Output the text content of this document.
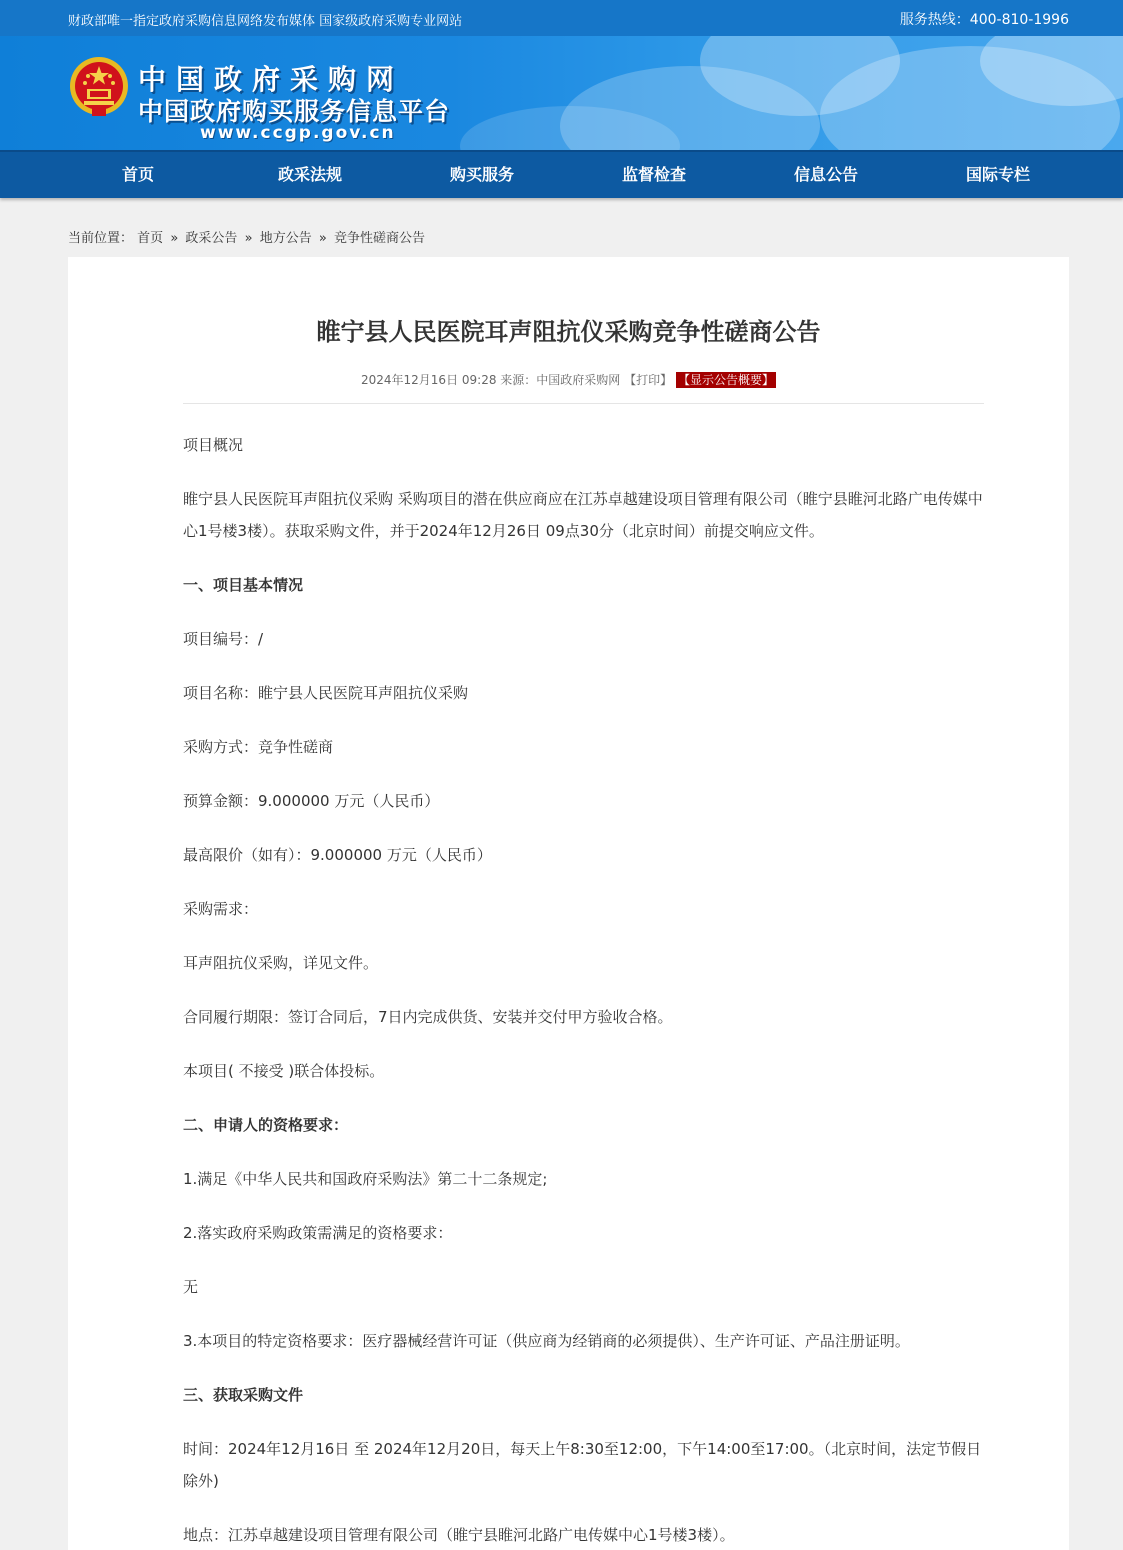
财政部唯一指定政府采购信息网络发布媒体 国家级政府采购专业网站	服务热线：400-810-1996
中国政府采购网
中国政府购买服务信息平台
www.ccgp.gov.cn
首页	政采法规	购买服务	监督检查	信息公告	国际专栏
当前位置： 首页 » 政采公告 » 地方公告 » 竞争性磋商公告
睢宁县人民医院耳声阻抗仪采购竞争性磋商公告
2024年12月16日 09:28 来源：中国政府采购网 【打印】 【显示公告概要】

项目概况

睢宁县人民医院耳声阻抗仪采购 采购项目的潜在供应商应在江苏卓越建设项目管理有限公司（睢宁县睢河北路广电传媒中心1号楼3楼）。获取采购文件，并于2024年12月26日 09点30分（北京时间）前提交响应文件。

一、项目基本情况

项目编号：/

项目名称：睢宁县人民医院耳声阻抗仪采购

采购方式：竞争性磋商

预算金额：9.000000 万元（人民币）

最高限价（如有）：9.000000 万元（人民币）

采购需求：

耳声阻抗仪采购，详见文件。

合同履行期限：签订合同后，7日内完成供货、安装并交付甲方验收合格。

本项目( 不接受 )联合体投标。

二、申请人的资格要求：

1.满足《中华人民共和国政府采购法》第二十二条规定;

2.落实政府采购政策需满足的资格要求：

无

3.本项目的特定资格要求：医疗器械经营许可证（供应商为经销商的必须提供）、生产许可证、产品注册证明。

三、获取采购文件

时间：2024年12月16日 至 2024年12月20日，每天上午8:30至12:00，下午14:00至17:00。（北京时间，法定节假日除外)

地点：江苏卓越建设项目管理有限公司（睢宁县睢河北路广电传媒中心1号楼3楼）。
